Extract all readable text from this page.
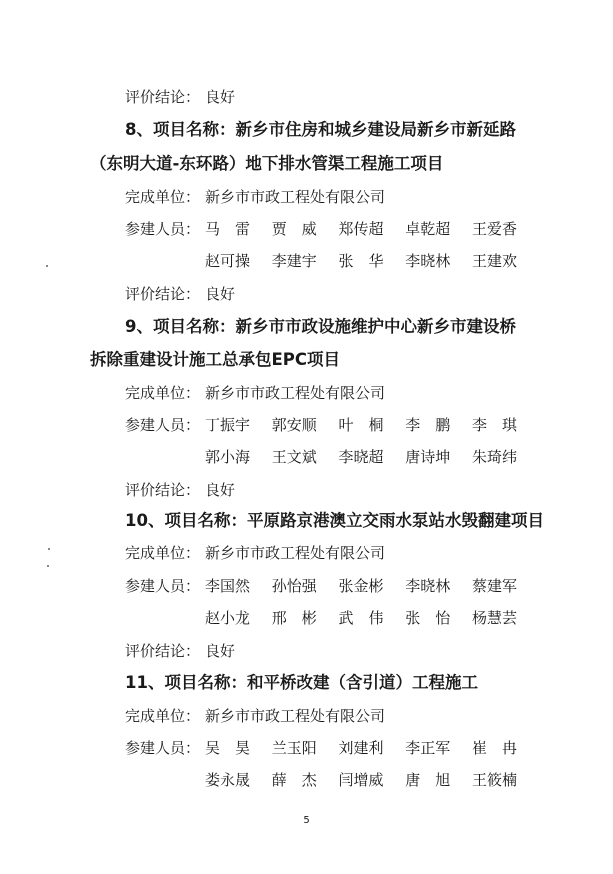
评价结论： 良好
8、项目名称：新乡市住房和城乡建设局新乡市新延路
（东明大道-东环路）地下排水管渠工程施工项目
完成单位： 新乡市市政工程处有限公司
参建人员： 马　雷 贾　威 郑传超 卓乾超 王爱香
赵可操 李建宇 张　华 李晓林 王建欢
评价结论： 良好
9、项目名称：新乡市市政设施维护中心新乡市建设桥
拆除重建设计施工总承包EPC项目
完成单位： 新乡市市政工程处有限公司
参建人员： 丁振宇 郭安顺 叶　桐 李　鹏 李　琪
郭小海 王文斌 李晓超 唐诗坤 朱琦纬
评价结论： 良好
10、项目名称：平原路京港澳立交雨水泵站水毁翻建项目
完成单位： 新乡市市政工程处有限公司
参建人员： 李国然 孙怡强 张金彬 李晓林 蔡建军
赵小龙 邢　彬 武　伟 张　怡 杨慧芸
评价结论： 良好
11、项目名称：和平桥改建（含引道）工程施工
完成单位： 新乡市市政工程处有限公司
参建人员： 吴　昊 兰玉阳 刘建利 李正军 崔　冉
娄永晟 薛　杰 闫增威 唐　旭 王筱楠
5
